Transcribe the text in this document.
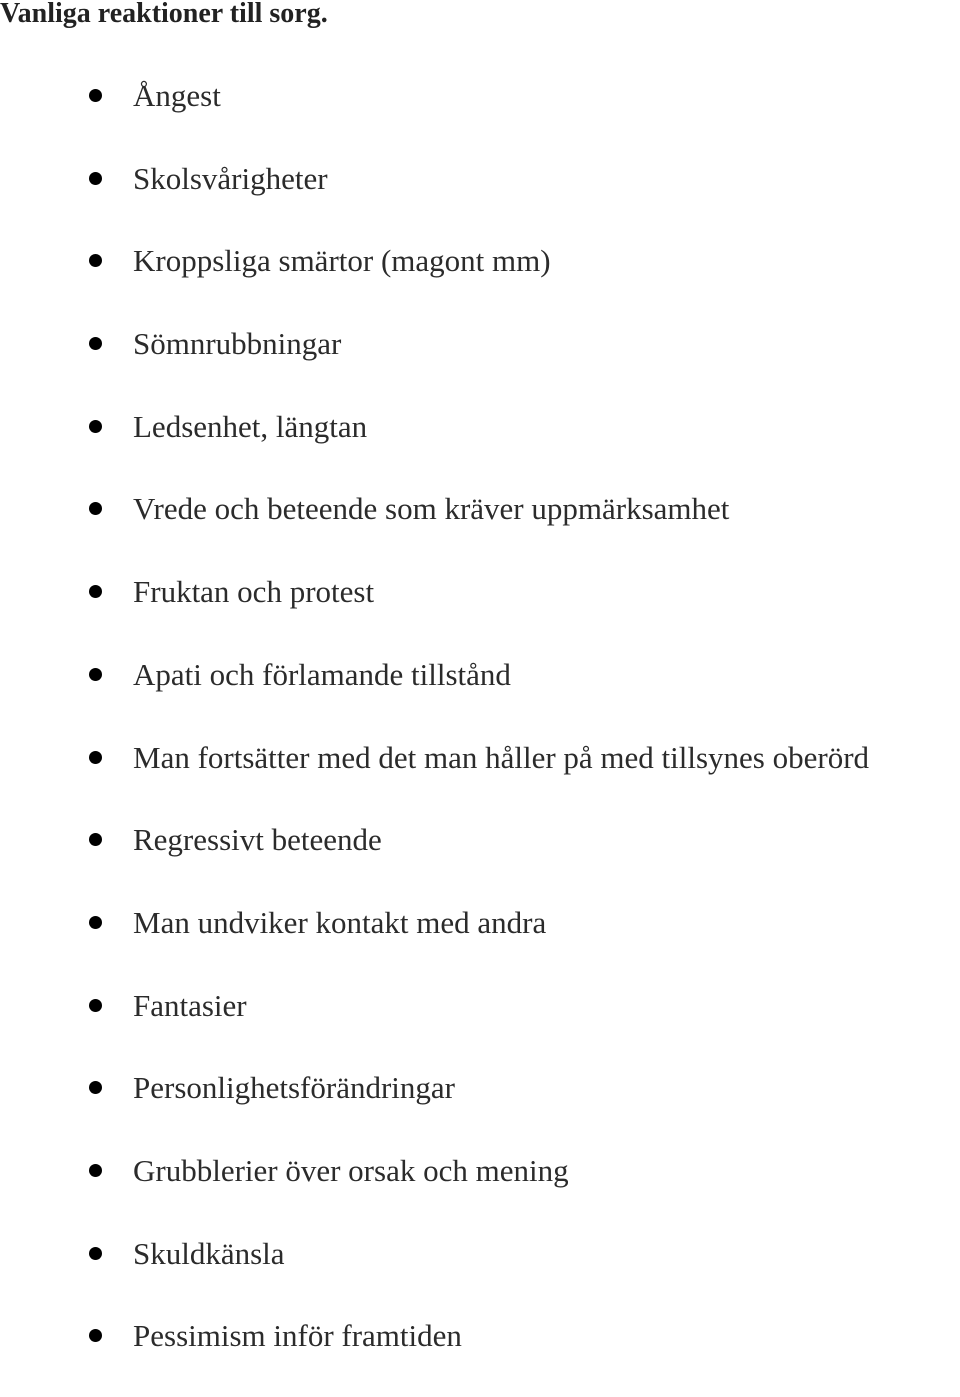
Vanliga reaktioner till sorg.
Ångest
Skolsvårigheter
Kroppsliga smärtor (magont mm)
Sömnrubbningar
Ledsenhet, längtan
Vrede och beteende som kräver uppmärksamhet
Fruktan och protest
Apati och förlamande tillstånd
Man fortsätter med det man håller på med tillsynes oberörd
Regressivt beteende
Man undviker kontakt med andra
Fantasier
Personlighetsförändringar
Grubblerier över orsak och mening
Skuldkänsla
Pessimism inför framtiden
